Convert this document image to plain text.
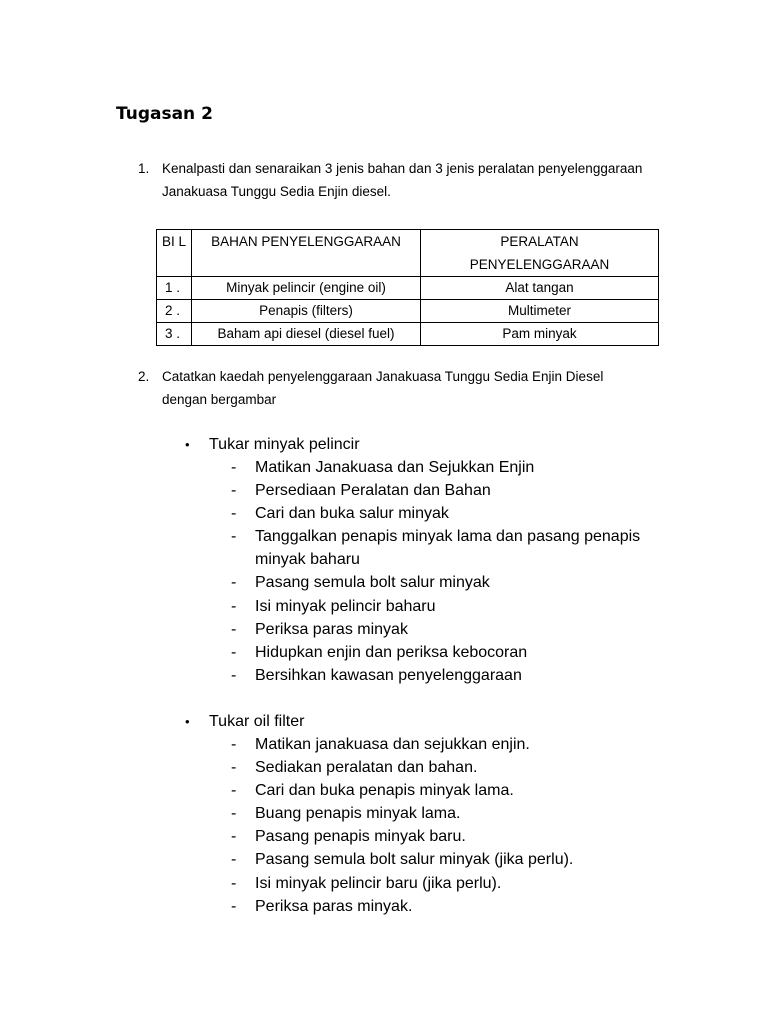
Tugasan 2
1. Kenalpasti dan senaraikan 3 jenis bahan dan 3 jenis peralatan penyelenggaraan Janakuasa Tunggu Sedia Enjin diesel.
BI L	BAHAN PENYELENGGARAAN	PERALATAN PENYELENGGARAAN

1 .	Minyak pelincir (engine oil)	Alat tangan
2 .	Penapis (filters)	Multimeter
3 .	Baham api diesel (diesel fuel)	Pam minyak
2. Catatkan kaedah penyelenggaraan Janakuasa Tunggu Sedia Enjin Diesel dengan bergambar
• Tukar minyak pelincir
- Matikan Janakuasa dan Sejukkan Enjin
- Persediaan Peralatan dan Bahan
- Cari dan buka salur minyak
- Tanggalkan penapis minyak lama dan pasang penapis minyak baharu
- Pasang semula bolt salur minyak
- Isi minyak pelincir baharu
- Periksa paras minyak
- Hidupkan enjin dan periksa kebocoran
- Bersihkan kawasan penyelenggaraan
• Tukar oil filter
- Matikan janakuasa dan sejukkan enjin.
- Sediakan peralatan dan bahan.
- Cari dan buka penapis minyak lama.
- Buang penapis minyak lama.
- Pasang penapis minyak baru.
- Pasang semula bolt salur minyak (jika perlu).
- Isi minyak pelincir baru (jika perlu).
- Periksa paras minyak.
